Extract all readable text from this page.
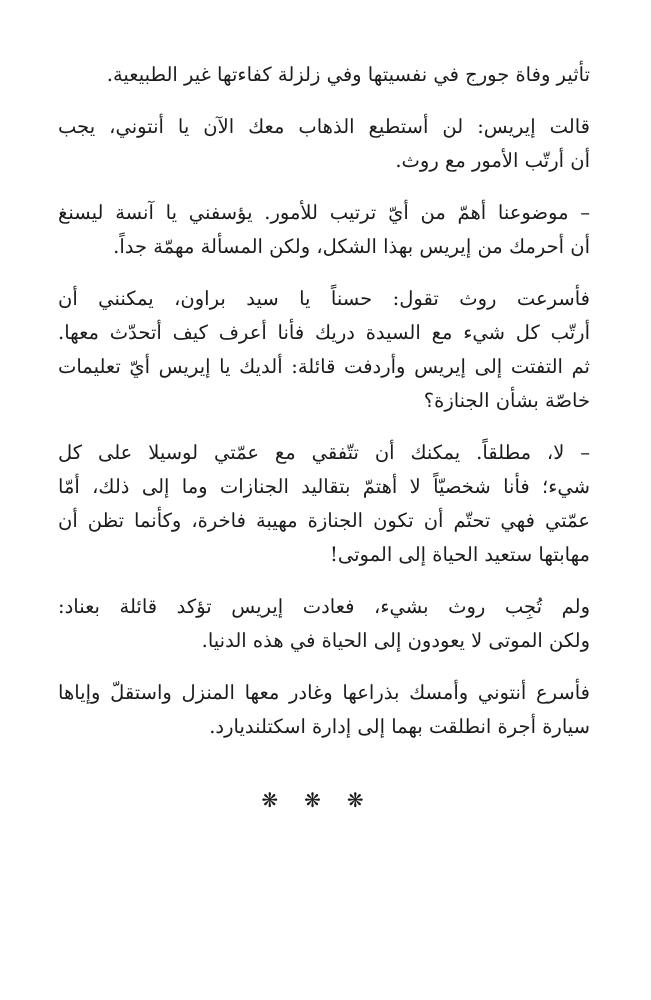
تأثير وفاة جورج في نفسيتها وفي زلزلة كفاءتها غير الطبيعية.
قالت إيريس: لن أستطيع الذهاب معك الآن يا أنتوني، يجب
أن أرتّب الأمور مع روث.
– موضوعنا أهمّ من أيّ ترتيب للأمور. يؤسفني يا آنسة ليسنغ
أن أحرمك من إيريس بهذا الشكل، ولكن المسألة مهمّة جداً.
فأسرعت روث تقول: حسناً يا سيد براون، يمكنني أن
أرتّب كل شيء مع السيدة دريك فأنا أعرف كيف أتحدّث معها.
ثم التفتت إلى إيريس وأردفت قائلة: ألديك يا إيريس أيّ تعليمات
خاصّة بشأن الجنازة؟
– لا، مطلقاً. يمكنك أن تتّفقي مع عمّتي لوسيلا على كل
شيء؛ فأنا شخصيّاً لا أهتمّ بتقاليد الجنازات وما إلى ذلك، أمّا
عمّتي فهي تحتّم أن تكون الجنازة مهيبة فاخرة، وكأنما تظن أن
مهابتها ستعيد الحياة إلى الموتى!
ولم تُجِب روث بشيء، فعادت إيريس تؤكد قائلة بعناد:
ولكن الموتى لا يعودون إلى الحياة في هذه الدنيا.
فأسرع أنتوني وأمسك بذراعها وغادر معها المنزل واستقلّ وإياها
سيارة أجرة انطلقت بهما إلى إدارة اسكتلنديارد.
❋❋❋
